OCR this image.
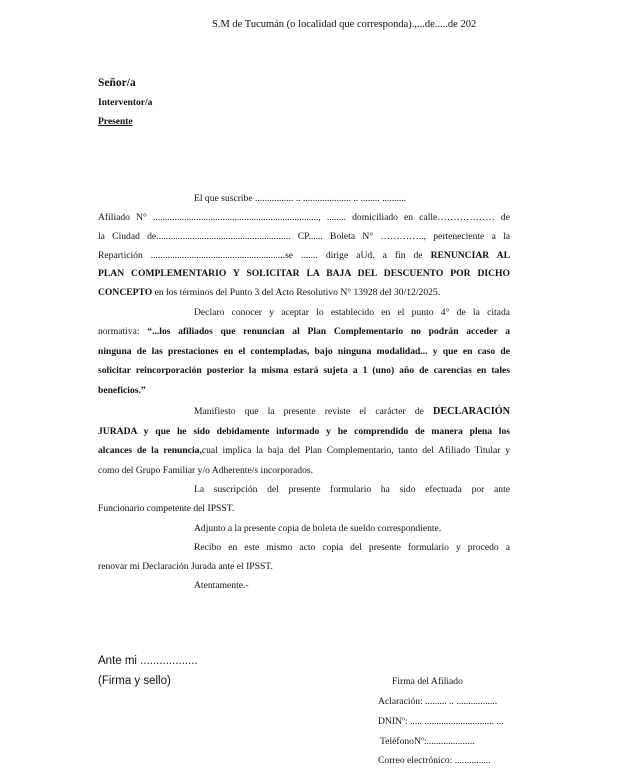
S.M de Tucumán (o localidad que corresponda).,...de.....de 202
Señor/a
Interventor/a
Presente
El que suscribe ................ .. .................... .. ........ ..........
Afiliado N° ....................................................................., ........ domiciliado en calle……………… de
la Ciudad de........................................................ CP...... Boleta N° ………….., perteneciente a la
Repartición ........................................................se ....... dirige aUd. a fin de RENUNCIAR AL
PLAN COMPLEMENTARIO Y SOLICITAR LA BAJA DEL DESCUENTO POR DICHO
CONCEPTO en los términos del Punto 3 del Acto Resolutivo N° 13928 del 30/12/2025.
Declaro conocer y aceptar lo establecido en el punto 4° de la citada
normativa: “...los afiliados que renuncian al Plan Complementario no podrán acceder a
ninguna de las prestaciones en el contempladas, bajo ninguna modalidad... y que en caso de
solicitar reincorporación posterior la misma estará sujeta a 1 (uno) año de carencias en tales
beneficios.”
Manifiesto que la presente reviste el carácter de DECLARACIÓN
JURADA y que he sido debidamente informado y he comprendido de manera plena los
alcances de la renuncia,cual implica la baja del Plan Complementario, tanto del Afiliado Titular y
como del Grupo Familiar y/o Adherente/s incorporados.
La suscripción del presente formulario ha sido efectuada por ante
Funcionario competente del IPSST.
Adjunto a la presente copia de boleta de sueldo correspondiente.
Recibo en este mismo acto copia del presente formulario y procedo a
renovar mi Declaración Jurada ante el IPSST.
Atentamente.-
Ante mi ..................
(Firma y sello)	Firma del Afiliado
Aclaración: ......... .. .................
DNINº: ..... ............................. ...
TeléfonoNº:....................
Correo electrónico: ...............
